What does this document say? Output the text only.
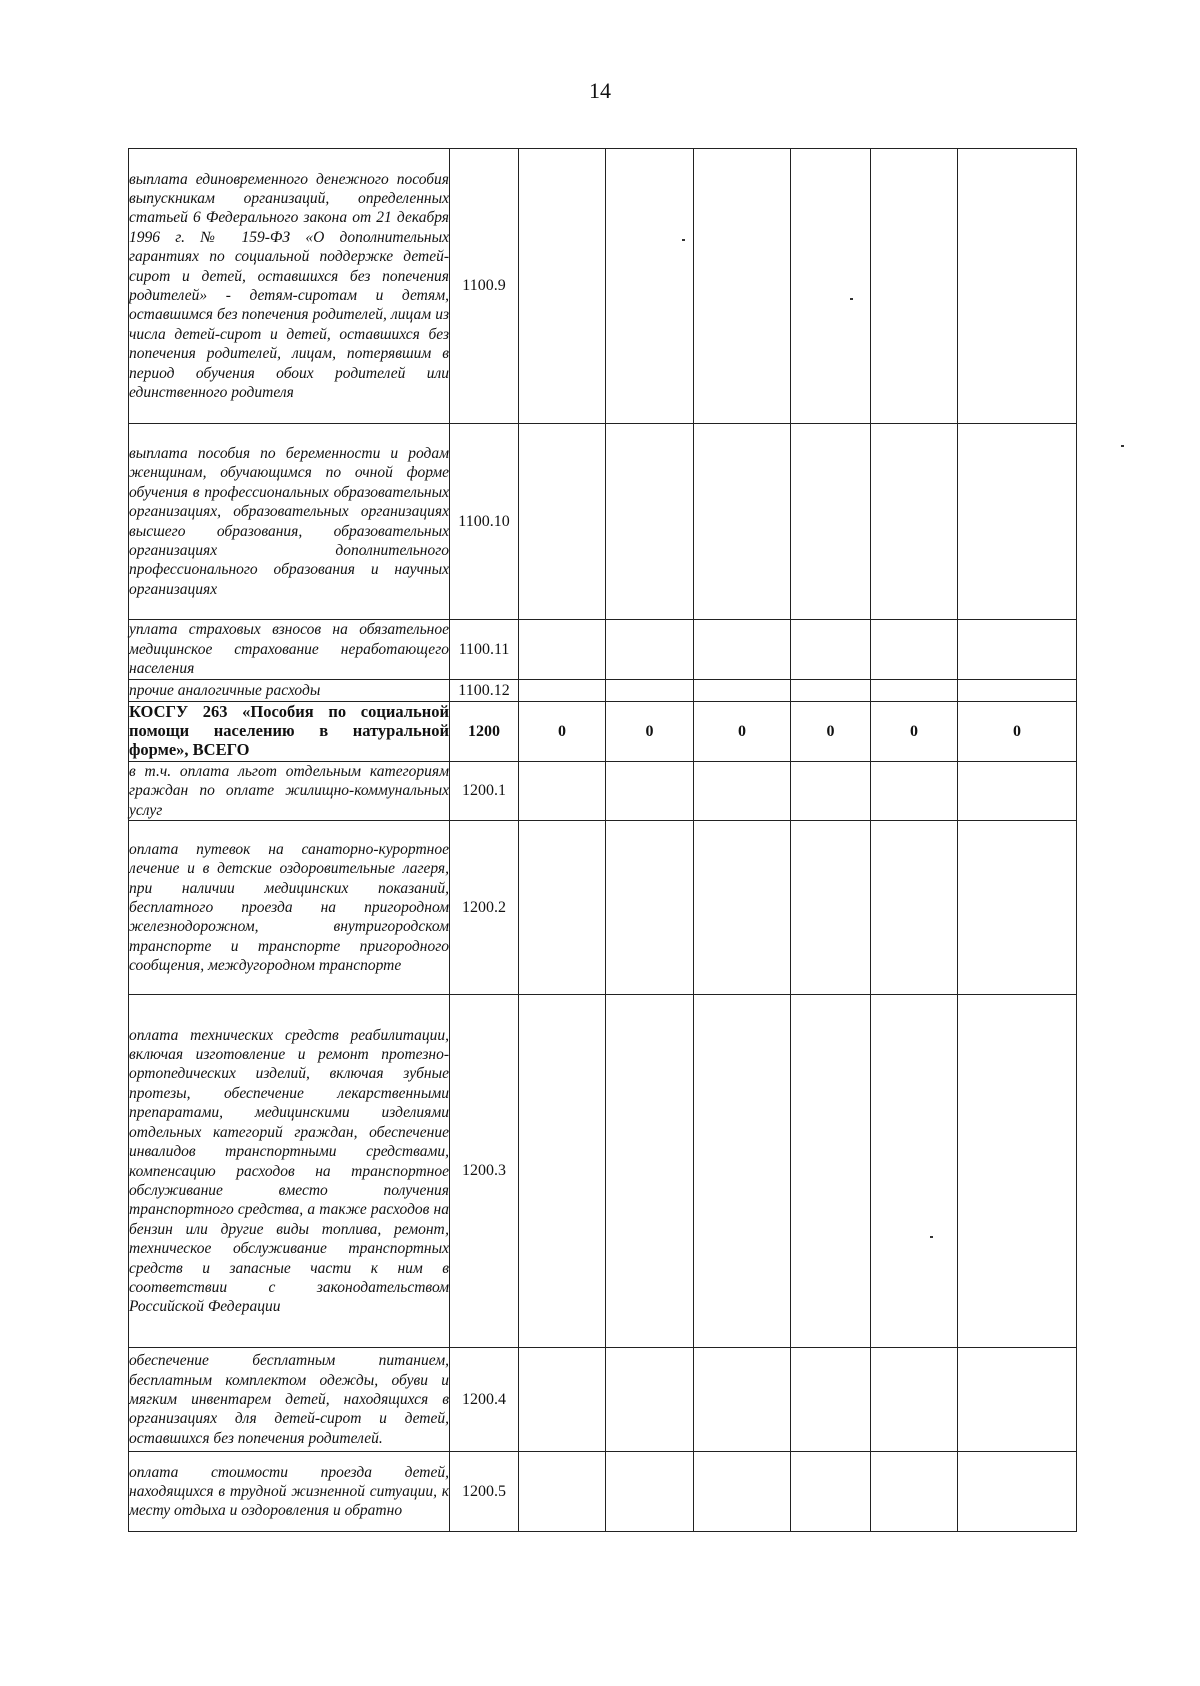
14
выплата единовременного денежного пособия выпускникам организаций, определенных статьей 6 Федерального закона от 21 декабря 1996 г. № 159-ФЗ «О дополнительных гарантиях по социальной поддержке детей-сирот и детей, оставшихся без попечения родителей» - детям-сиротам и детям, оставшимся без попечения родителей, лицам из числа детей-сирот и детей, оставшихся без попечения родителей, лицам, потерявшим в период обучения обоих родителей или единственного родителя	1100.9						
выплата пособия по беременности и родам женщинам, обучающимся по очной форме обучения в профессиональных образовательных организациях, образовательных организациях высшего образования, образовательных организациях дополнительного профессионального образования и научных организациях	1100.10						
уплата страховых взносов на обязательное медицинское страхование неработающего населения	1100.11						
прочие аналогичные расходы	1100.12						
КОСГУ 263 «Пособия по социальной помощи населению в натуральной форме», ВСЕГО	1200	0	0	0	0	0	0
в т.ч. оплата льгот отдельным категориям граждан по оплате жилищно-коммунальных услуг	1200.1						
оплата путевок на санаторно-курортное лечение и в детские оздоровительные лагеря, при наличии медицинских показаний, бесплатного проезда на пригородном железнодорожном, внутригородском транспорте и транспорте пригородного сообщения, междугородном транспорте	1200.2						
оплата технических средств реабилитации, включая изготовление и ремонт протезно-ортопедических изделий, включая зубные протезы, обеспечение лекарственными препаратами, медицинскими изделиями отдельных категорий граждан, обеспечение инвалидов транспортными средствами, компенсацию расходов на транспортное обслуживание вместо получения транспортного средства, а также расходов на бензин или другие виды топлива, ремонт, техническое обслуживание транспортных средств и запасные части к ним в соответствии с законодательством Российской Федерации	1200.3						
обеспечение бесплатным питанием, бесплатным комплектом одежды, обуви и мягким инвентарем детей, находящихся в организациях для детей-сирот и детей, оставшихся без попечения родителей.	1200.4						
оплата стоимости проезда детей, находящихся в трудной жизненной ситуации, к месту отдыха и оздоровления и обратно	1200.5						
